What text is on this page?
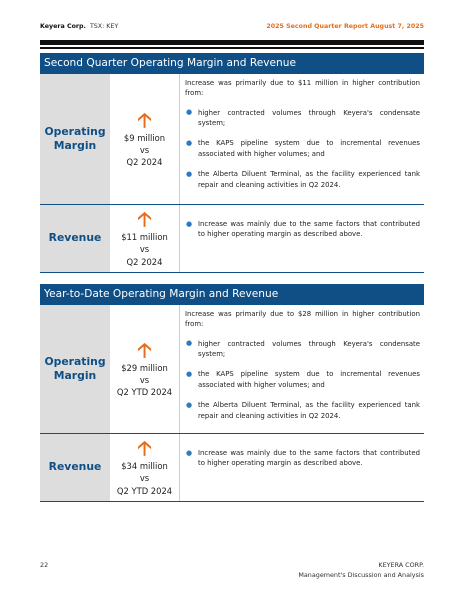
Keyera Corp. TSX: KEY	2025 Second Quarter Report August 7, 2025
Second Quarter Operating Margin and Revenue
Operating
Margin
🡡
$9 million
vs
Q2 2024

Increase was primarily due to $11 million in higher contribution from:

● higher contracted volumes through Keyera's condensate system;
● the KAPS pipeline system due to incremental revenues associated with higher volumes; and
● the Alberta Diluent Terminal, as the facility experienced tank repair and cleaning activities in Q2 2024.
Revenue
🡡
$11 million
vs
Q2 2024
● Increase was mainly due to the same factors that contributed to higher operating margin as described above.
Year-to-Date Operating Margin and Revenue
Operating
Margin
🡡
$29 million
vs
Q2 YTD 2024

Increase was primarily due to $28 million in higher contribution from:

● higher contracted volumes through Keyera's condensate system;
● the KAPS pipeline system due to incremental revenues associated with higher volumes; and
● the Alberta Diluent Terminal, as the facility experienced tank repair and cleaning activities in Q2 2024.
Revenue
🡡
$34 million
vs
Q2 YTD 2024
● Increase was mainly due to the same factors that contributed to higher operating margin as described above.
22	KEYERA CORP.
Management's Discussion and Analysis
